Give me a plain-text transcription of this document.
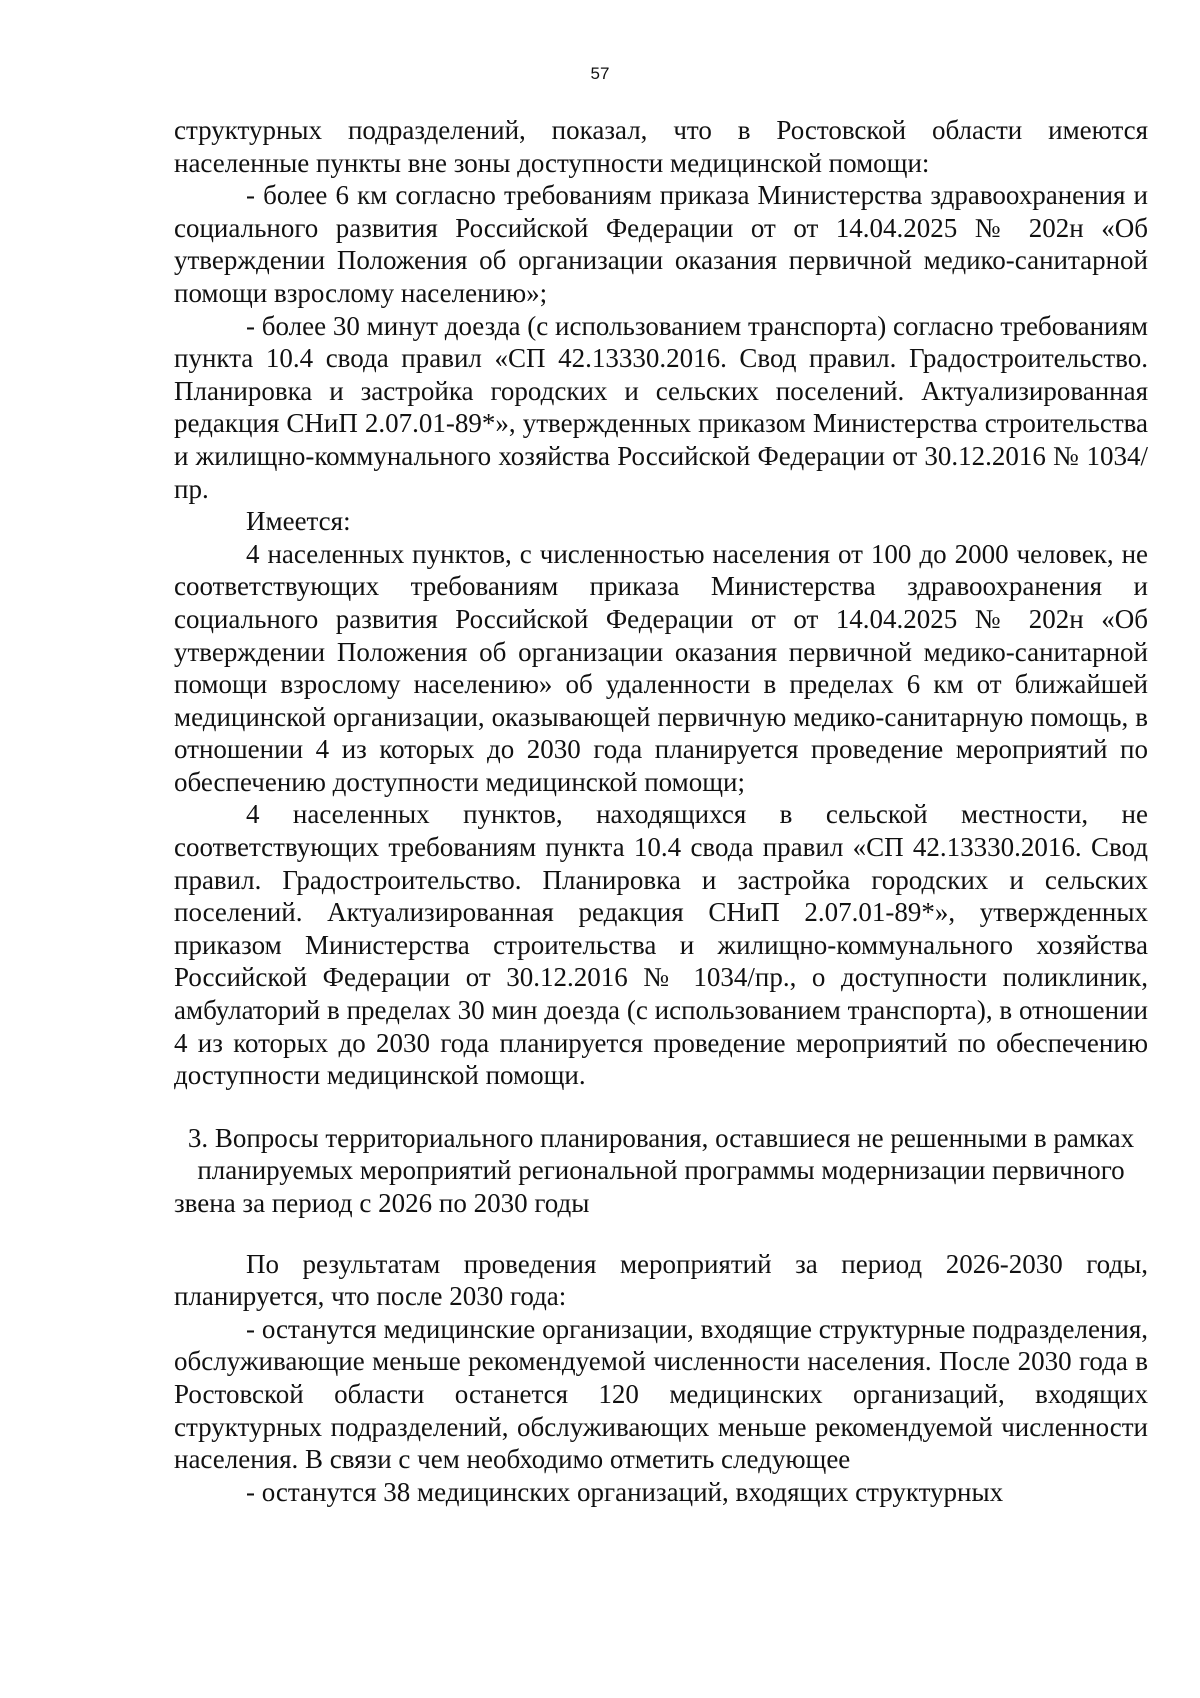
57

структурных подразделений, показал, что в Ростовской области имеются населенные пункты вне зоны доступности медицинской помощи:

- более 6 км согласно требованиям приказа Министерства здравоохранения и социального развития Российской Федерации от от 14.04.2025 № 202н «Об утверждении Положения об организации оказания первичной медико-санитарной помощи взрослому населению»;

- более 30 минут доезда (с использованием транспорта) согласно требованиям пункта 10.4 свода правил «СП 42.13330.2016. Свод правил. Градостроительство. Планировка и застройка городских и сельских поселений. Актуализированная редакция СНиП 2.07.01-89*», утвержденных приказом Министерства строительства и жилищно-коммунального хозяйства Российской Федерации от 30.12.2016 № 1034/пр.

Имеется:

4 населенных пунктов, с численностью населения от 100 до 2000 человек, не соответствующих требованиям приказа Министерства здравоохранения и социального развития Российской Федерации от от 14.04.2025 № 202н «Об утверждении Положения об организации оказания первичной медико-санитарной помощи взрослому населению» об удаленности в пределах 6 км от ближайшей медицинской организации, оказывающей первичную медико-санитарную помощь, в отношении 4 из которых до 2030 года планируется проведение мероприятий по обеспечению доступности медицинской помощи;

4 населенных пунктов, находящихся в сельской местности, не соответствующих требованиям пункта 10.4 свода правил «СП 42.13330.2016. Свод правил. Градостроительство. Планировка и застройка городских и сельских поселений. Актуализированная редакция СНиП 2.07.01-89*», утвержденных приказом Министерства строительства и жилищно-коммунального хозяйства Российской Федерации от 30.12.2016 № 1034/пр., о доступности поликлиник, амбулаторий в пределах 30 мин доезда (с использованием транспорта), в отношении 4 из которых до 2030 года планируется проведение мероприятий по обеспечению доступности медицинской помощи.

3. Вопросы территориального планирования, оставшиеся не решенными в рамках планируемых мероприятий региональной программы модернизации первичного звена за период с 2026 по 2030 годы

По результатам проведения мероприятий за период 2026-2030 годы, планируется, что после 2030 года:

- останутся медицинские организации, входящие структурные подразделения, обслуживающие меньше рекомендуемой численности населения. После 2030 года в Ростовской области останется 120 медицинских организаций, входящих структурных подразделений, обслуживающих меньше рекомендуемой численности населения. В связи с чем необходимо отметить следующее

- останутся 38 медицинских организаций, входящих структурных
